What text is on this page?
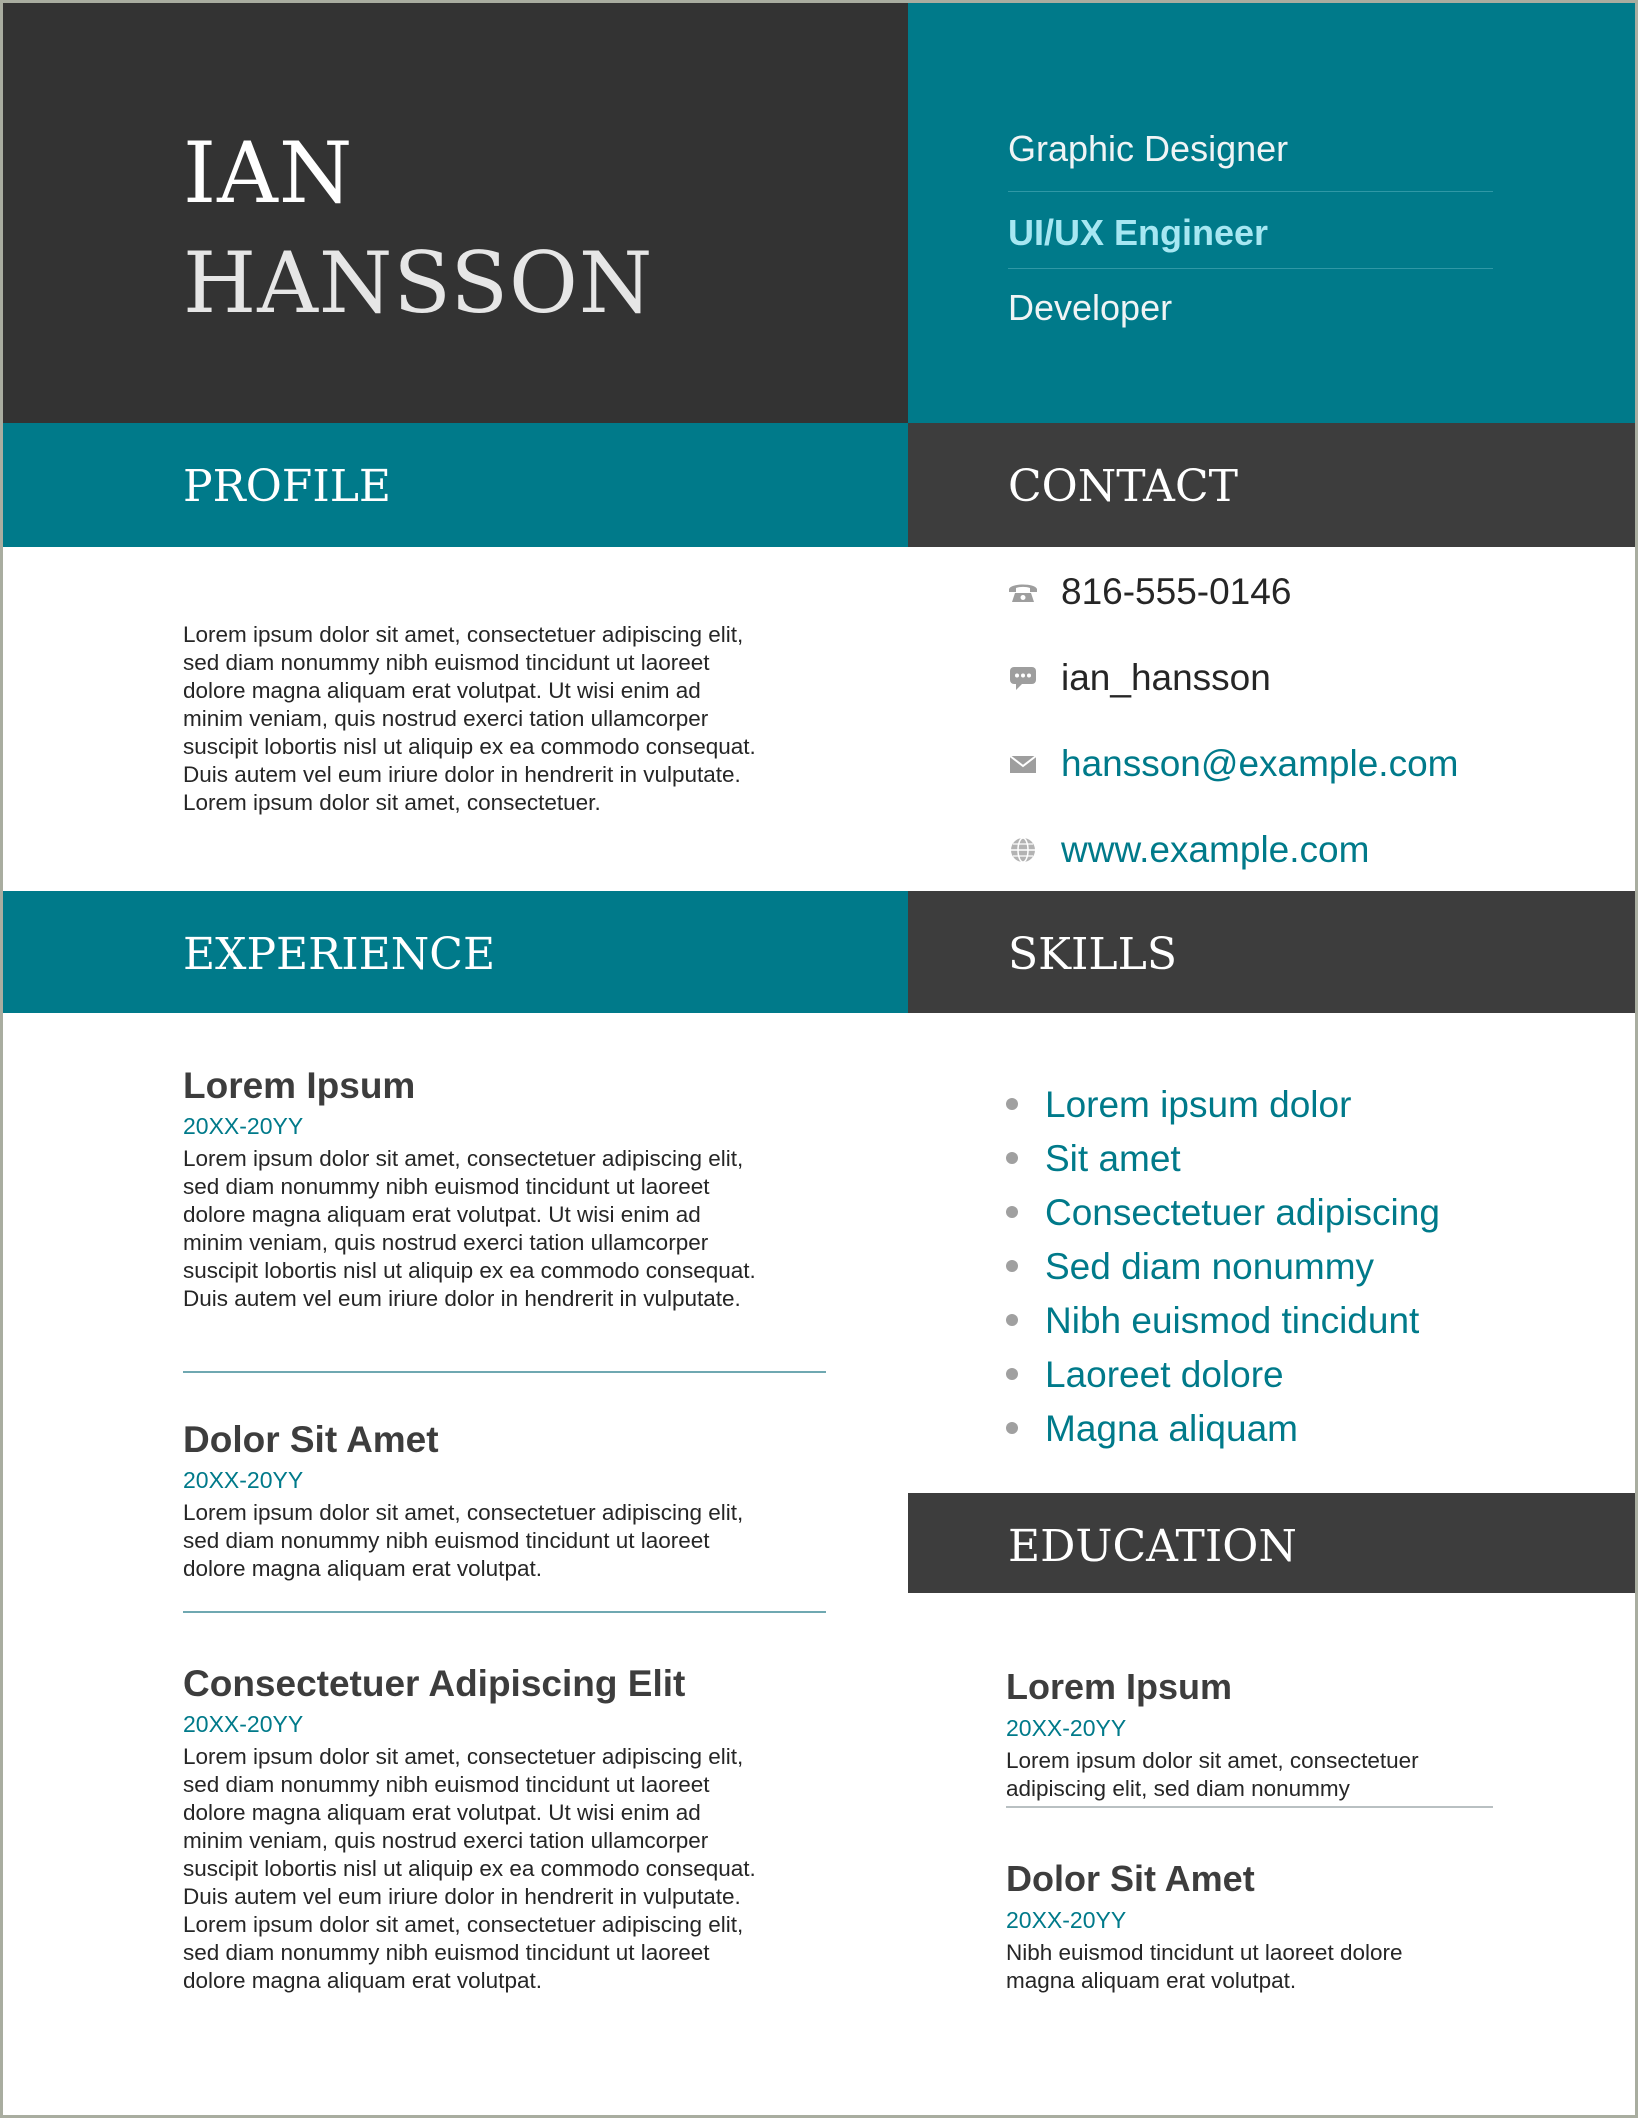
IAN
HANSSON
Graphic Designer
UI/UX Engineer
Developer
PROFILE	CONTACT
Lorem ipsum dolor sit amet, consectetuer adipiscing elit,
sed diam nonummy nibh euismod tincidunt ut laoreet
dolore magna aliquam erat volutpat. Ut wisi enim ad
minim veniam, quis nostrud exerci tation ullamcorper
suscipit lobortis nisl ut aliquip ex ea commodo consequat.
Duis autem vel eum iriure dolor in hendrerit in vulputate.
Lorem ipsum dolor sit amet, consectetuer.
816-555-0146
ian_hansson
hansson@example.com
www.example.com
EXPERIENCE	SKILLS
Lorem Ipsum
20XX-20YY
Lorem ipsum dolor sit amet, consectetuer adipiscing elit,
sed diam nonummy nibh euismod tincidunt ut laoreet
dolore magna aliquam erat volutpat. Ut wisi enim ad
minim veniam, quis nostrud exerci tation ullamcorper
suscipit lobortis nisl ut aliquip ex ea commodo consequat.
Duis autem vel eum iriure dolor in hendrerit in vulputate.
Dolor Sit Amet
20XX-20YY
Lorem ipsum dolor sit amet, consectetuer adipiscing elit,
sed diam nonummy nibh euismod tincidunt ut laoreet
dolore magna aliquam erat volutpat.
Consectetuer Adipiscing Elit
20XX-20YY
Lorem ipsum dolor sit amet, consectetuer adipiscing elit,
sed diam nonummy nibh euismod tincidunt ut laoreet
dolore magna aliquam erat volutpat. Ut wisi enim ad
minim veniam, quis nostrud exerci tation ullamcorper
suscipit lobortis nisl ut aliquip ex ea commodo consequat.
Duis autem vel eum iriure dolor in hendrerit in vulputate.
Lorem ipsum dolor sit amet, consectetuer adipiscing elit,
sed diam nonummy nibh euismod tincidunt ut laoreet
dolore magna aliquam erat volutpat.
Lorem ipsum dolor
Sit amet
Consectetuer adipiscing
Sed diam nonummy
Nibh euismod tincidunt
Laoreet dolore
Magna aliquam
EDUCATION
Lorem Ipsum
20XX-20YY
Lorem ipsum dolor sit amet, consectetuer
adipiscing elit, sed diam nonummy
Dolor Sit Amet
20XX-20YY
Nibh euismod tincidunt ut laoreet dolore
magna aliquam erat volutpat.
